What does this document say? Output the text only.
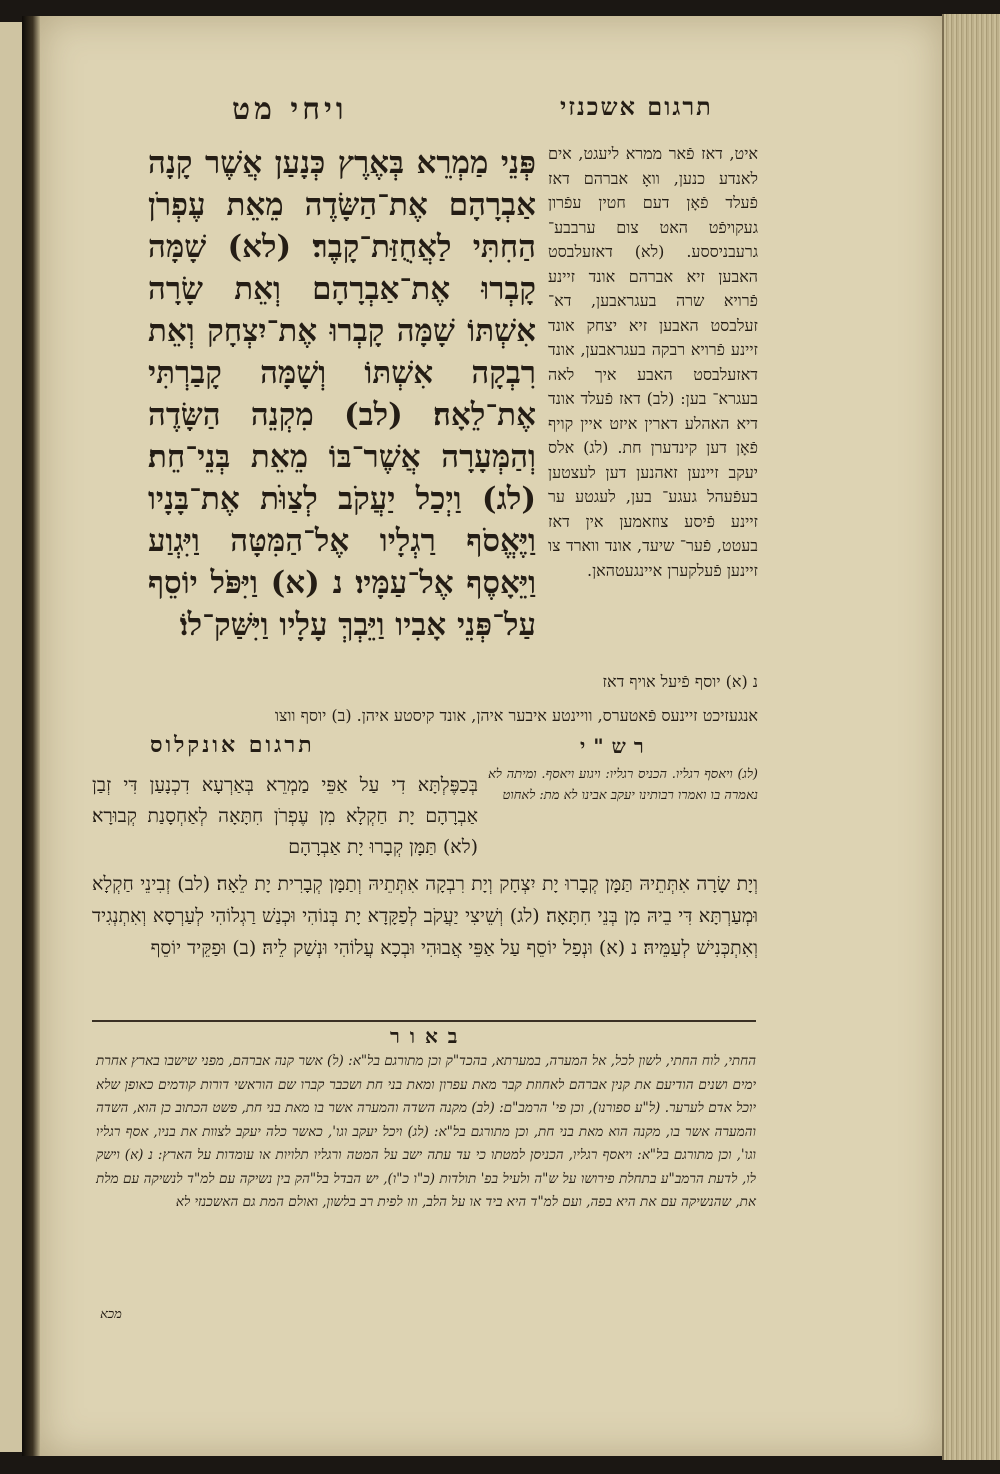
ויחי מט	תרגום אשכנזי

פְּנֵי מַמְרֵא בְּאֶרֶץ כְּנָעַן אֲשֶׁר קָנָה אַבְרָהָם אֶת־הַשָּׂדֶה מֵאֵת עֶפְרֹן הַחִתִּי לַאֲחֻזַּת־קָבֶר׃ (לא) שָׁמָּה קָבְרוּ אֶת־אַבְרָהָם וְאֵת שָׂרָה אִשְׁתּוֹ שָׁמָּה קָבְרוּ אֶת־יִצְחָק וְאֵת רִבְקָה אִשְׁתּוֹ וְשָׁמָּה קָבַרְתִּי אֶת־לֵאָה׃ (לב) מִקְנֵה הַשָּׂדֶה וְהַמְּעָרָה אֲשֶׁר־בּוֹ מֵאֵת בְּנֵי־חֵת׃ (לג) וַיְכַל יַעֲקֹב לְצַוֺּת אֶת־בָּנָיו וַיֶּאֱסֹף רַגְלָיו אֶל־הַמִּטָּה וַיִּגְוַע וַיֵּאָסֶף אֶל־עַמָּיו׃ נ (א) וַיִּפֹּל יוֹסֵף עַל־פְּנֵי אָבִיו וַיֵּבְךְּ עָלָיו וַיִּשַּׁק־לוֹ׃

איט, דאז פֿאר ממרא ליעגט, אים לאנדע כנען, וואָ אברהם דאז פֿעלד פֿאָן דעם חטין עפֿרון געקויפֿט האט צום ערבבע־ גרעבניססע. (לא) דאזעלבסט האבען זיא אברהם אונד זיינע פֿרויא שרה בעגראבען, דא־ זעלבסט האבען זיא יצחק אונד זיינע פֿרויא רבקה בעגראבען, אונד דאזעלבסט האבע איך לאה בעגרא־ בען: (לב) דאז פֿעלד אונד דיא האהלע דארין איזט איין קויף פֿאָן דען קינדערן חת. (לג) אלס יעקב זיינען זאהנען דען לעצטען בעפֿעהל געגע־ בען, לעגטע ער זיינע פֿיסע צוזאמען אין דאז בעטט, פֿער־ שיעד, אונד ווארד צו זיינען פֿעלקערן איינגעטהאן.

נ (א) יוסף פֿיעל אויף דאז
אנגעזיכט זיינעס פֿאטערס, וויינטע איבער איהן, אונד קיסטע איהן. (ב) יוסף ווצו
תרגום אונקלוס	רש"י

בְּכַפֶּלְתָּא דִי עַל אַפֵּי מַמְרֵא בְּאַרְעָא דִכְנָעַן דִּי זְבַן אַבְרָהָם יָת חַקְלָא מִן עֶפְרֹן חִתָּאָה לְאַחְסָנַת קְבוּרָא׃ (לא) תַּמָּן קְבָרוּ יָת אַבְרָהָם

(לג) ויאסף רגליו. הכניס רגליו: ויגוע ויאסף. ומיתה לא נאמרה בו ואמרו רבותינו יעקב אבינו לא מת: לאחוט

וְיָת שָׂרָה אִתְּתֵיהּ תַּמָּן קְבָרוּ יָת יִצְחָק וְיָת רִבְקָה אִתְּתֵיהּ וְתַמָּן קְבָרִית יָת לֵאָה׃ (לב) זְבִינֵי חַקְלָא וּמְעַרְתָּא דִּי בֵיהּ מִן בְּנֵי חִתָּאָה׃ (לג) וְשֵׁיצִי יַעֲקֹב לְפַקָּדָא יָת בְּנוֹהִי וּכְנַשׁ רַגְלוֹהִי לְעַרְסָא וְאִתְנְגִיד וְאִתְכְּנִישׁ לְעַמֵּיהּ׃ נ (א) וּנְפַל יוֹסֵף עַל אַפֵּי אֲבוּהִי וּבְכָא עֲלוֹהִי וּנְשַׁק לֵיהּ׃ (ב) וּפַקֵּיד יוֹסֵף

באור

החתי, לוח החתי, לשון לכל, אל המערה, במערתא, בהכד"ק וכן מתורגם בל"א: (ל) אשר קנה אברהם, מפני שישבו בארץ אחרת ימים ושנים הודיעם את קנין אברהם לאחוזת קבר מאת עפרון ומאת בני חת ושכבר קברו שם הוראשי דורות קודמים כאופן שלא יוכל אדם לערער. (ל"ע ספורנו), וכן פי' הרמב"ם: (לב) מקנה השדה והמערה אשר בו מאת בני חת, פשט הכתוב כן הוא, השדה והמערה אשר בו, מקנה הוא מאת בני חת, וכן מתורגם בל"א: (לג) ויכל יעקב וגו', כאשר כלה יעקב לצוות את בניו, אסף רגליו וגו', וכן מתורגם בל"א: ויאסף רגליו, הכניסן למטתו כי עד עתה ישב על המטה ורגליו תלויות או עומדות על הארץ: נ (א) וישק לו, לדעת הרמב"ע בתחלת פירושו על ש"ה ולעיל בפ' תולדות (כ"ו כ"ו), יש הבדל בל"הק בין נשיקה עם למ"ד לנשיקה עם מלת את, שהנשיקה עם את היא בפה, ועם למ"ד היא ביד או על הלב, וזו לפית רב בלשון, ואולם המת גם האשכנזי לא

מכא
